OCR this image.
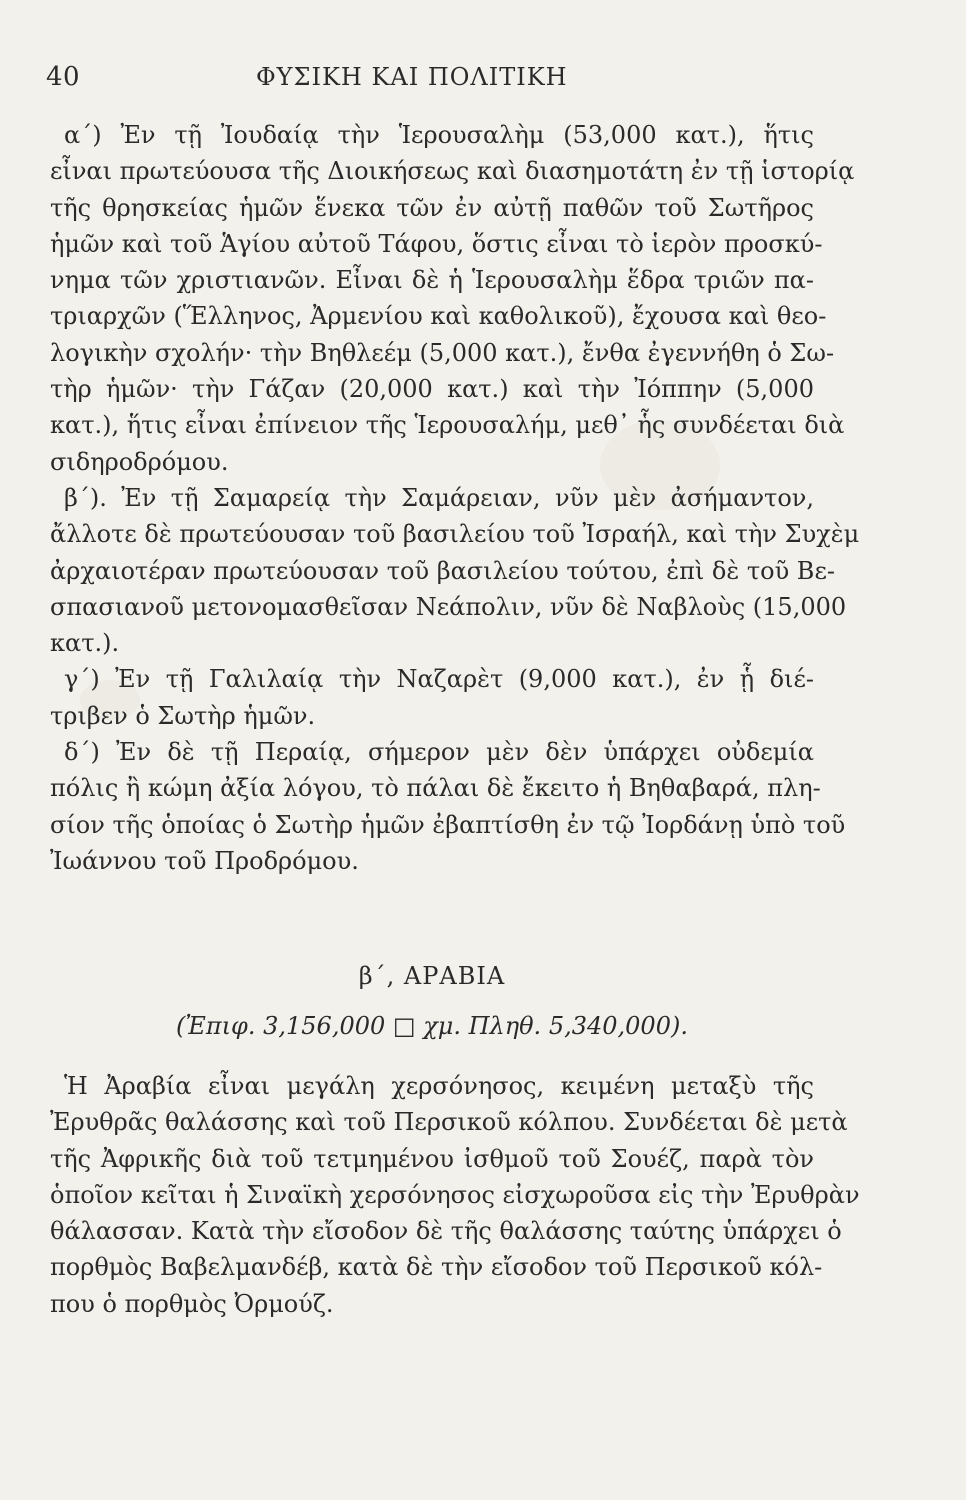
40	ΦΥΣΙΚΗ ΚΑΙ ΠΟΛΙΤΙΚΗ
α΄) Ἐν τῇ Ἰουδαίᾳ τὴν Ἱερουσαλὴμ (53,000 κατ.), ἥτις
εἶναι πρωτεύουσα τῆς Διοικήσεως καὶ διασημοτάτη ἐν τῇ ἱστορίᾳ
τῆς θρησκείας ἡμῶν ἕνεκα τῶν ἐν αὐτῇ παθῶν τοῦ Σωτῆρος
ἡμῶν καὶ τοῦ Ἁγίου αὐτοῦ Τάφου, ὅστις εἶναι τὸ ἱερὸν προσκύ-
νημα τῶν χριστιανῶν. Εἶναι δὲ ἡ Ἱερουσαλὴμ ἕδρα τριῶν πα-
τριαρχῶν (Ἕλληνος, Ἀρμενίου καὶ καθολικοῦ), ἔχουσα καὶ θεο-
λογικὴν σχολήν· τὴν Βηθλεέμ (5,000 κατ.), ἔνθα ἐγεννήθη ὁ Σω-
τὴρ ἡμῶν· τὴν Γάζαν (20,000 κατ.) καὶ τὴν Ἰόππην (5,000
κατ.), ἥτις εἶναι ἐπίνειον τῆς Ἱερουσαλήμ, μεθ᾽ ἧς συνδέεται διὰ
σιδηροδρόμου.
β΄). Ἐν τῇ Σαμαρείᾳ τὴν Σαμάρειαν, νῦν μὲν ἀσήμαντον,
ἄλλοτε δὲ πρωτεύουσαν τοῦ βασιλείου τοῦ Ἰσραήλ, καὶ τὴν Συχὲμ
ἀρχαιοτέραν πρωτεύουσαν τοῦ βασιλείου τούτου, ἐπὶ δὲ τοῦ Βε-
σπασιανοῦ μετονομασθεῖσαν Νεάπολιν, νῦν δὲ Ναβλοὺς (15,000
κατ.).
γ΄) Ἐν τῇ Γαλιλαίᾳ τὴν Ναζαρὲτ (9,000 κατ.), ἐν ᾗ διέ-
τριβεν ὁ Σωτὴρ ἡμῶν.
δ΄) Ἐν δὲ τῇ Περαίᾳ, σήμερον μὲν δὲν ὑπάρχει οὐδεμία
πόλις ἢ κώμη ἀξία λόγου, τὸ πάλαι δὲ ἔκειτο ἡ Βηθαβαρά, πλη-
σίον τῆς ὁποίας ὁ Σωτὴρ ἡμῶν ἐβαπτίσθη ἐν τῷ Ἰορδάνῃ ὑπὸ τοῦ
Ἰωάννου τοῦ Προδρόμου.
β΄, ΑΡΑΒΙΑ
(Ἐπιφ. 3,156,000 □ χμ. Πληθ. 5,340,000).
Ἡ Ἀραβία εἶναι μεγάλη χερσόνησος, κειμένη μεταξὺ τῆς
Ἐρυθρᾶς θαλάσσης καὶ τοῦ Περσικοῦ κόλπου. Συνδέεται δὲ μετὰ
τῆς Ἀφρικῆς διὰ τοῦ τετμημένου ἰσθμοῦ τοῦ Σουέζ, παρὰ τὸν
ὁποῖον κεῖται ἡ Σιναϊκὴ χερσόνησος εἰσχωροῦσα εἰς τὴν Ἐρυθρὰν
θάλασσαν. Κατὰ τὴν εἴσοδον δὲ τῆς θαλάσσης ταύτης ὑπάρχει ὁ
πορθμὸς Βαβελμανδέβ, κατὰ δὲ τὴν εἴσοδον τοῦ Περσικοῦ κόλ-
που ὁ πορθμὸς Ὀρμούζ.
